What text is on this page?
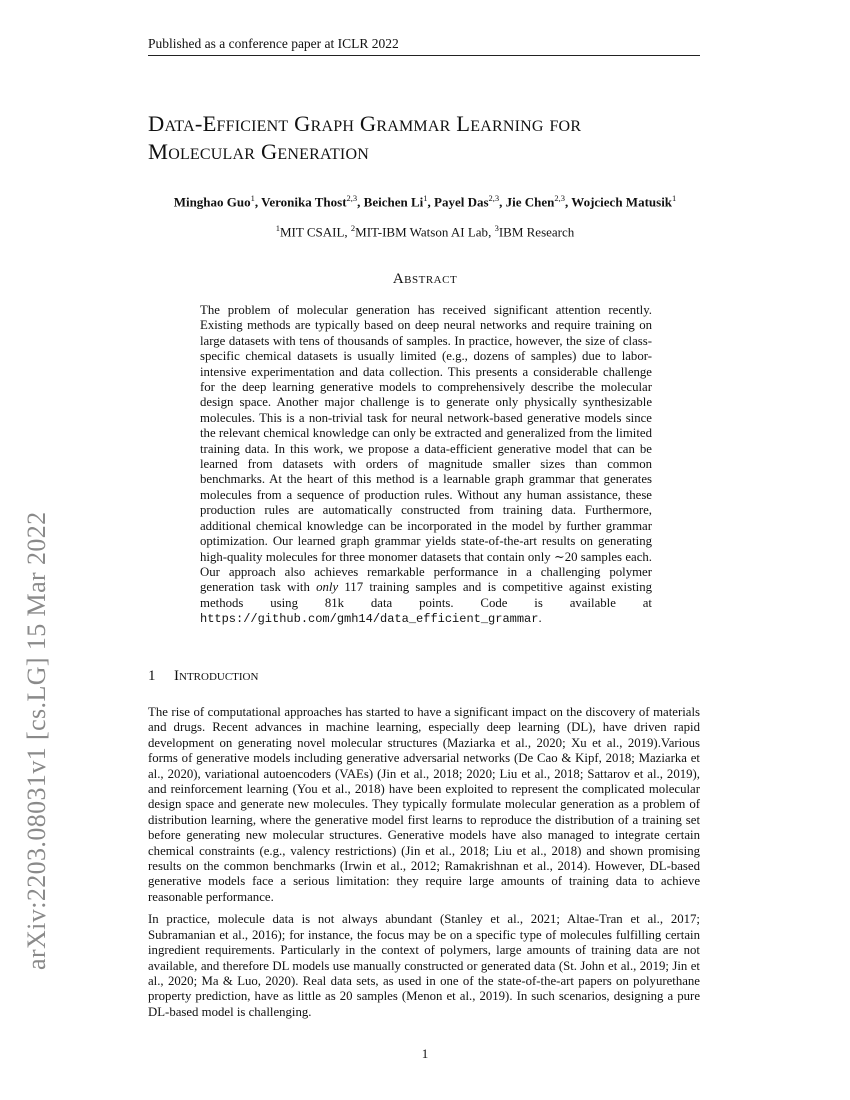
Published as a conference paper at ICLR 2022
Data-Efficient Graph Grammar Learning for
Molecular Generation
Minghao Guo$^1$, Veronika Thost$^{2,3}$, Beichen Li$^1$, Payel Das$^{2,3}$, Jie Chen$^{2,3}$, Wojciech Matusik$^1$
$^1$MIT CSAIL, $^2$MIT-IBM Watson AI Lab, $^3$IBM Research
Abstract
The problem of molecular generation has received significant attention recently. Existing methods are typically based on deep neural networks and require training on large datasets with tens of thousands of samples. In practice, however, the size of class-specific chemical datasets is usually limited (e.g., dozens of samples) due to labor-intensive experimentation and data collection. This presents a considerable challenge for the deep learning generative models to comprehensively describe the molecular design space. Another major challenge is to generate only physically synthesizable molecules. This is a non-trivial task for neural network-based generative models since the relevant chemical knowledge can only be extracted and generalized from the limited training data. In this work, we propose a data-efficient generative model that can be learned from datasets with orders of magnitude smaller sizes than common benchmarks. At the heart of this method is a learnable graph grammar that generates molecules from a sequence of production rules. Without any human assistance, these production rules are automatically constructed from training data. Furthermore, additional chemical knowledge can be incorporated in the model by further grammar optimization. Our learned graph grammar yields state-of-the-art results on generating high-quality molecules for three monomer datasets that contain only ∼20 samples each. Our approach also achieves remarkable performance in a challenging polymer generation task with only 117 training samples and is competitive against existing methods using 81k data points. Code is available at https://github.com/gmh14/data_efficient_grammar.
arXiv:2203.08031v1 [cs.LG] 15 Mar 2022	1 Introduction

The rise of computational approaches has started to have a significant impact on the discovery of materials and drugs. Recent advances in machine learning, especially deep learning (DL), have driven rapid development on generating novel molecular structures (Maziarka et al., 2020; Xu et al., 2019).Various forms of generative models including generative adversarial networks (De Cao & Kipf, 2018; Maziarka et al., 2020), variational autoencoders (VAEs) (Jin et al., 2018; 2020; Liu et al., 2018; Sattarov et al., 2019), and reinforcement learning (You et al., 2018) have been exploited to represent the complicated molecular design space and generate new molecules. They typically formulate molecular generation as a problem of distribution learning, where the generative model first learns to reproduce the distribution of a training set before generating new molecular structures. Generative models have also managed to integrate certain chemical constraints (e.g., valency restrictions) (Jin et al., 2018; Liu et al., 2018) and shown promising results on the common benchmarks (Irwin et al., 2012; Ramakrishnan et al., 2014). However, DL-based generative models face a serious limitation: they require large amounts of training data to achieve reasonable performance.

In practice, molecule data is not always abundant (Stanley et al., 2021; Altae-Tran et al., 2017; Subramanian et al., 2016); for instance, the focus may be on a specific type of molecules fulfilling certain ingredient requirements. Particularly in the context of polymers, large amounts of training data are not available, and therefore DL models use manually constructed or generated data (St. John et al., 2019; Jin et al., 2020; Ma & Luo, 2020). Real data sets, as used in one of the state-of-the-art papers on polyurethane property prediction, have as little as 20 samples (Menon et al., 2019). In such scenarios, designing a pure DL-based model is challenging.

1
